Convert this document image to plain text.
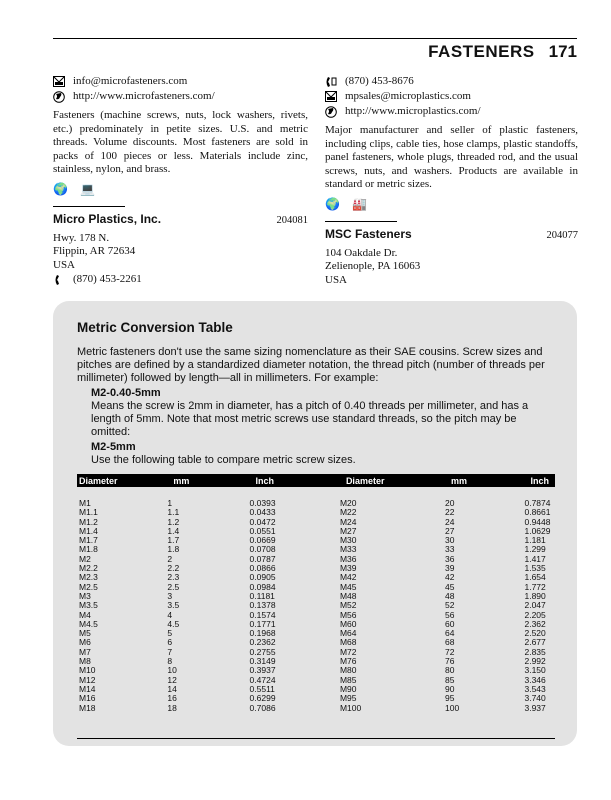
FASTENERS 171
info@microfasteners.com
http://www.microfasteners.com/
Fasteners (machine screws, nuts, lock washers, rivets, etc.) predominately in petite sizes. U.S. and metric threads. Volume discounts. Most fasteners are sold in packs of 100 pieces or less. Materials include zinc, stainless, nylon, and brass.
🌍 💻
Micro Plastics, Inc.	204081
Hwy. 178 N.
Flippin, AR 72634
USA
(870) 453-2261
(870) 453-8676
mpsales@microplastics.com
http://www.microplastics.com/
Major manufacturer and seller of plastic fasteners, including clips, cable ties, hose clamps, plastic standoffs, panel fasteners, whole plugs, threaded rod, and the usual screws, nuts, and washers. Products are available in standard or metric sizes.
🌍 🏭
MSC Fasteners	204077
104 Oakdale Dr.
Zelienople, PA 16063
USA
Metric Conversion Table
Metric fasteners don't use the same sizing nomenclature as their SAE cousins. Screw sizes and pitches are defined by a standardized diameter notation, the thread pitch (number of threads per millimeter) followed by length—all in millimeters. For example:
M2-0.40-5mm
Means the screw is 2mm in diameter, has a pitch of 0.40 threads per millimeter, and has a length of 5mm. Note that most metric screws use standard threads, so the pitch may be omitted:
M2-5mm
Use the following table to compare metric screw sizes.
Diameter	mm	Inch	Diameter	mm	Inch
M1	1	0.0393	M20	20	0.7874
M1.1	1.1	0.0433	M22	22	0.8661
M1.2	1.2	0.0472	M24	24	0.9448
M1.4	1.4	0.0551	M27	27	1.0629
M1.7	1.7	0.0669	M30	30	1.181
M1.8	1.8	0.0708	M33	33	1.299
M2	2	0.0787	M36	36	1.417
M2.2	2.2	0.0866	M39	39	1.535
M2.3	2.3	0.0905	M42	42	1.654
M2.5	2.5	0.0984	M45	45	1.772
M3	3	0.1181	M48	48	1.890
M3.5	3.5	0.1378	M52	52	2.047
M4	4	0.1574	M56	56	2.205
M4.5	4.5	0.1771	M60	60	2.362
M5	5	0.1968	M64	64	2.520
M6	6	0.2362	M68	68	2.677
M7	7	0.2755	M72	72	2.835
M8	8	0.3149	M76	76	2.992
M10	10	0.3937	M80	80	3.150
M12	12	0.4724	M85	85	3.346
M14	14	0.5511	M90	90	3.543
M16	16	0.6299	M95	95	3.740
M18	18	0.7086	M100	100	3.937
